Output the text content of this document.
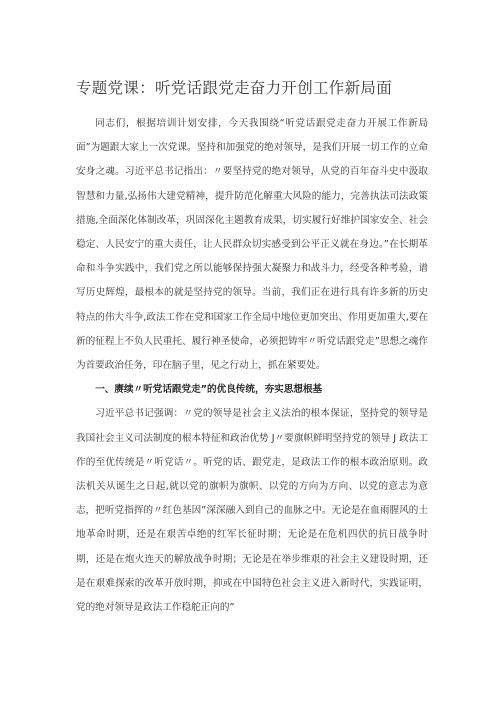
专题党课：听党话跟党走奋力开创工作新局面

同志们，根据培训计划安排，今天我围绕“听党话跟党走奋力开展工作新局面”为题跟大家上一次党课。坚持和加强党的绝对领导，是我们开展一切工作的立命安身之魂。习近平总书记指出：〃要坚持党的绝对领导，从党的百年奋斗史中汲取智慧和力量,弘扬伟大建党精神，提升防范化解重大风险的能力，完善执法司法政策措施,全面深化体制改革，巩固深化主题教育成果，切实履行好维护国家安全、社会稳定、人民安宁的重大责任，让人民群众切实感受到公平正义就在身边。”在长期革命和斗争实践中，我们党之所以能够保持强大凝聚力和战斗力，经受各种考验，谱写历史辉煌，最根本的就是坚持党的领导。当前，我们正在进行具有许多新的历史特点的伟大斗争,政法工作在党和国家工作全局中地位更加突出、作用更加重大,要在新的征程上不负人民重托、履行神圣使命，必须把铸牢〃听党话跟党走”思想之魂作为首要政治任务，印在脑子里，见之行动上，抓在紧要处。

一、赓续〃听党话跟党走”的优良传统，夯实思想根基

习近平总书记强调：〃党的领导是社会主义法治的根本保证，坚持党的领导是我国社会主义司法制度的根本特征和政治优势 J〃要旗帜鲜明坚持党的领导 J 政法工作的至优传统是〃听党话〃。听党的话、跟党走，是政法工作的根本政治原则。政法机关从诞生之日起,就以党的旗帜为旗帜、以党的方向为方向、以党的意志为意志，把听党指挥的〃红色基因”深深融入到自己的血脉之中。无论是在血雨腥风的土地革命时期，还是在艰苦卓绝的红军长征时期；无论是在危机四伏的抗日战争时期，还是在炮火连天的解放战争时期；无论是在举步维艰的社会主义建设时期，还是在艰难探索的改革开放时期，抑或在中国特色社会主义进入新时代，实践证明，党的绝对领导是政法工作稳舵正向的”
